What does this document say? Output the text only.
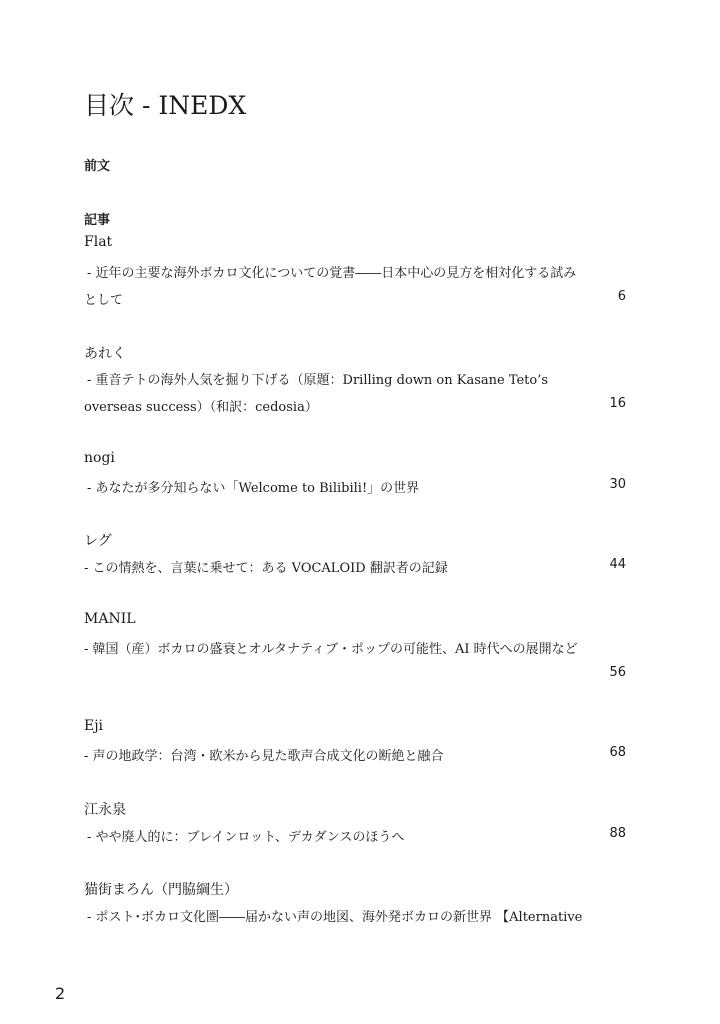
目次 - INEDX
前文
記事
Flat
- 近年の主要な海外ボカロ文化についての覚書――日本中心の見方を相対化する試み
として	6
あれく
- 重音テトの海外人気を掘り下げる（原題：Drilling down on Kasane Teto’s
overseas success）（和訳：cedosia）	16
nogi
- あなたが多分知らない「Welcome to Bilibili!」の世界	30
レグ
- この情熱を、言葉に乗せて：ある VOCALOID 翻訳者の記録	44
MANIL
- 韓国（産）ボカロの盛衰とオルタナティブ・ポップの可能性、AI 時代への展開など
56
Eji
- 声の地政学：台湾・欧米から見た歌声合成文化の断絶と融合	68
江永泉
- やや廃人的に：ブレインロット、デカダンスのほうへ	88
猫街まろん（門脇綱生）
- ポスト･ボカロ文化圏――届かない声の地図、海外発ボカロの新世界 【Alternative
2
